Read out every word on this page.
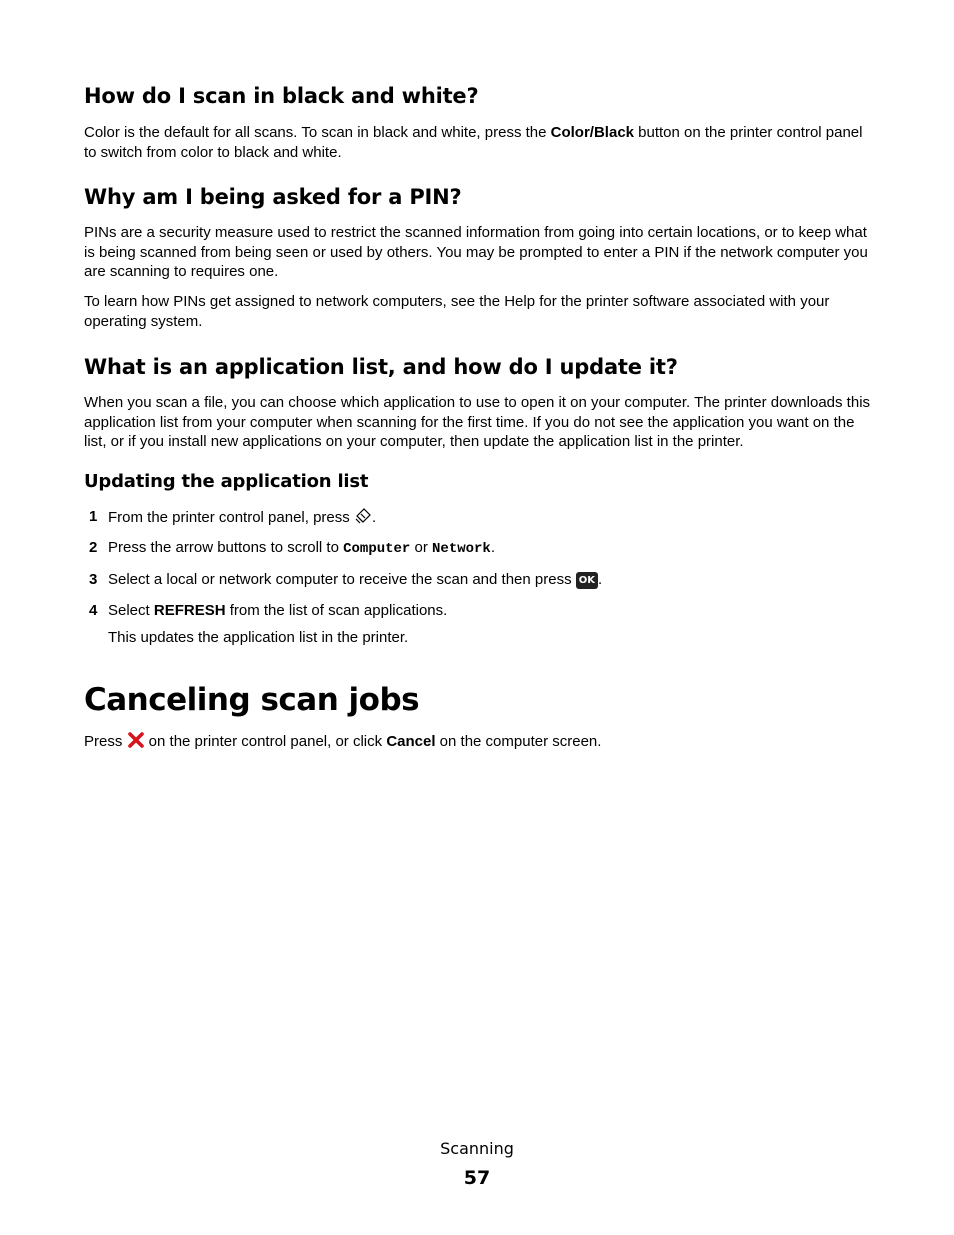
How do I scan in black and white?

Color is the default for all scans. To scan in black and white, press the Color/Black button on the printer control panel to switch from color to black and white.

Why am I being asked for a PIN?

PINs are a security measure used to restrict the scanned information from going into certain locations, or to keep what is being scanned from being seen or used by others. You may be prompted to enter a PIN if the network computer you are scanning to requires one.

To learn how PINs get assigned to network computers, see the Help for the printer software associated with your operating system.

What is an application list, and how do I update it?

When you scan a file, you can choose which application to use to open it on your computer. The printer downloads this application list from your computer when scanning for the first time. If you do not see the application you want on the list, or if you install new applications on your computer, then update the application list in the printer.

Updating the application list
1 From the printer control panel, press .
2 Press the arrow buttons to scroll to Computer or Network.
3 Select a local or network computer to receive the scan and then press OK .
4 Select REFRESH from the list of scan applications.
This updates the application list in the printer.
Canceling scan jobs

Press  on the printer control panel, or click Cancel on the computer screen.

Scanning
57
